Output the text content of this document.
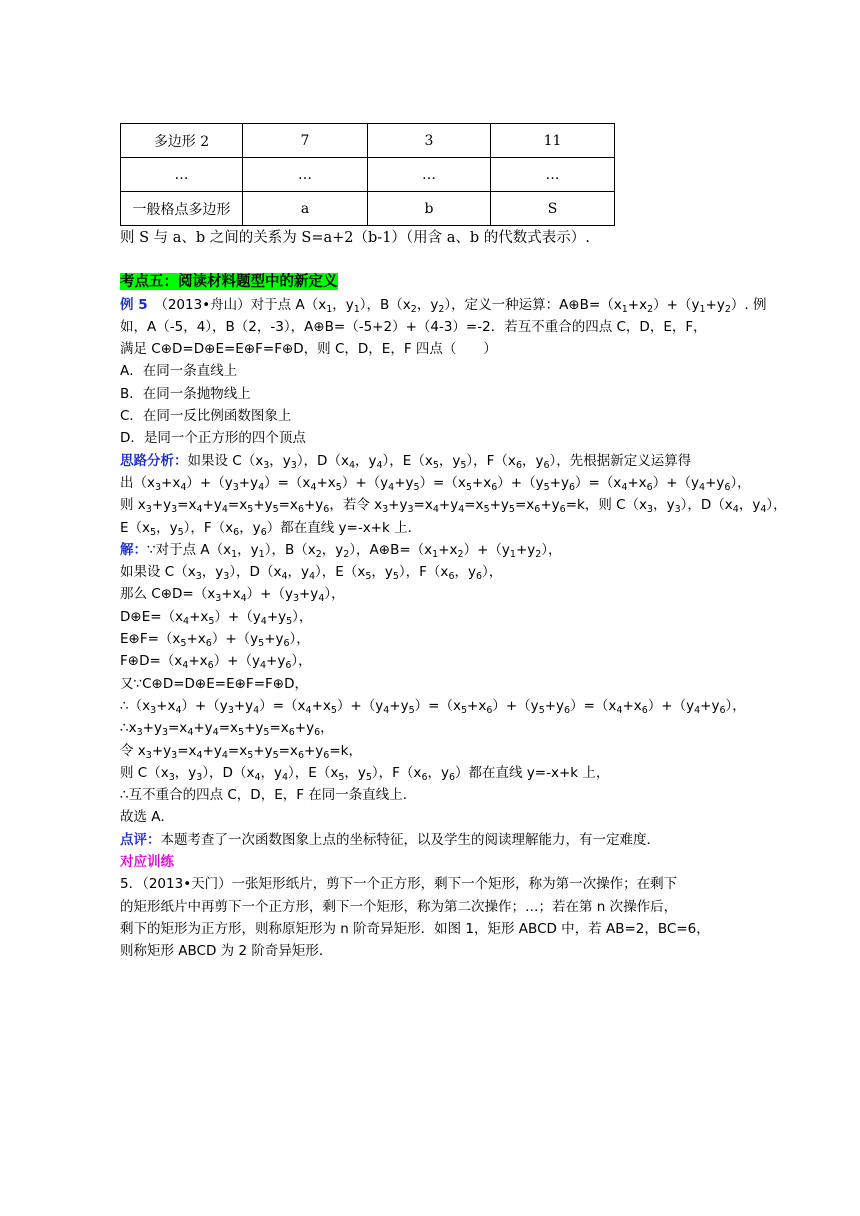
多边形 2	7	3	11
…	…	…	…
一般格点多边形	a	b	S
则 S 与 a、b 之间的关系为 S=a+2（b-1）（用含 a、b 的代数式表示）.
考点五：阅读材料题型中的新定义
例 5　 （2013•舟山）对于点 $A(x_1$，$y_1$），$B(x_2$，$y_2$），定义一种运算：$A\oplus B=(x_1+x_2)+(y_1+y_2)$. 例
如，A（-5，4），B（2，-3），A⊕B=（-5+2）+（4-3）=-2．若互不重合的四点 C，D，E，F，
满足 C⊕D=D⊕E=E⊕F=F⊕D，则 C，D，E，F 四点（　　）
A．在同一条直线上
B．在同一条抛物线上
C．在同一反比例函数图象上
D．是同一个正方形的四个顶点
思路分析：如果设 $C(x_3$，$y_3$），$D(x_4$，$y_4$），$E(x_5$，$y_5$），$F(x_6$，$y_6$），先根据新定义运算得
出$(x_3+x_4)+(y_3+y_4)=(x_4+x_5)+(y_4+y_5)=(x_5+x_6)+(y_5+y_6)=(x_4+x_6)+(y_4+y_6)$，
则 $x_3+y_3=x_4+y_4=x_5+y_5=x_6+y_6$，若令 $x_3+y_3=x_4+y_4=x_5+y_5=x_6+y_6=k$，则 $C(x_3$，$y_3$），$D(x_4$，$y_4$），
$E(x_5$，$y_5$），$F(x_6$，$y_6$）都在直线 y=-x+k 上．
解：∵对于点 $A(x_1$，$y_1$），$B(x_2$，$y_2$），$A\oplus B=(x_1+x_2)+(y_1+y_2)$，
如果设 $C(x_3$，$y_3$），$D(x_4$，$y_4$），$E(x_5$，$y_5$），$F(x_6$，$y_6$），
那么 $C\oplus D=(x_3+x_4)+(y_3+y_4)$，
$D\oplus E=(x_4+x_5)+(y_4+y_5)$，
$E\oplus F=(x_5+x_6)+(y_5+y_6)$，
$F\oplus D=(x_4+x_6)+(y_4+y_6)$，
又∵C⊕D=D⊕E=E⊕F=F⊕D，
$\therefore(x_3+x_4)+(y_3+y_4)=(x_4+x_5)+(y_4+y_5)=(x_5+x_6)+(y_5+y_6)=(x_4+x_6)+(y_4+y_6)$，
$\therefore x_3+y_3=x_4+y_4=x_5+y_5=x_6+y_6$，
令 $x_3+y_3=x_4+y_4=x_5+y_5=x_6+y_6=k$，
则 $C(x_3$，$y_3$），$D(x_4$，$y_4$），$E(x_5$，$y_5$），$F(x_6$，$y_6$）都在直线 y=-x+k 上，
∴互不重合的四点 C，D，E，F 在同一条直线上．
故选 A．
点评：本题考查了一次函数图象上点的坐标特征，以及学生的阅读理解能力，有一定难度．
对应训练
5．（2013•天门）一张矩形纸片，剪下一个正方形，剩下一个矩形，称为第一次操作；在剩下
的矩形纸片中再剪下一个正方形，剩下一个矩形，称为第二次操作；…；若在第 n 次操作后，
剩下的矩形为正方形，则称原矩形为 n 阶奇异矩形．如图 1，矩形 ABCD 中，若 AB=2，BC=6，
则称矩形 ABCD 为 2 阶奇异矩形．
